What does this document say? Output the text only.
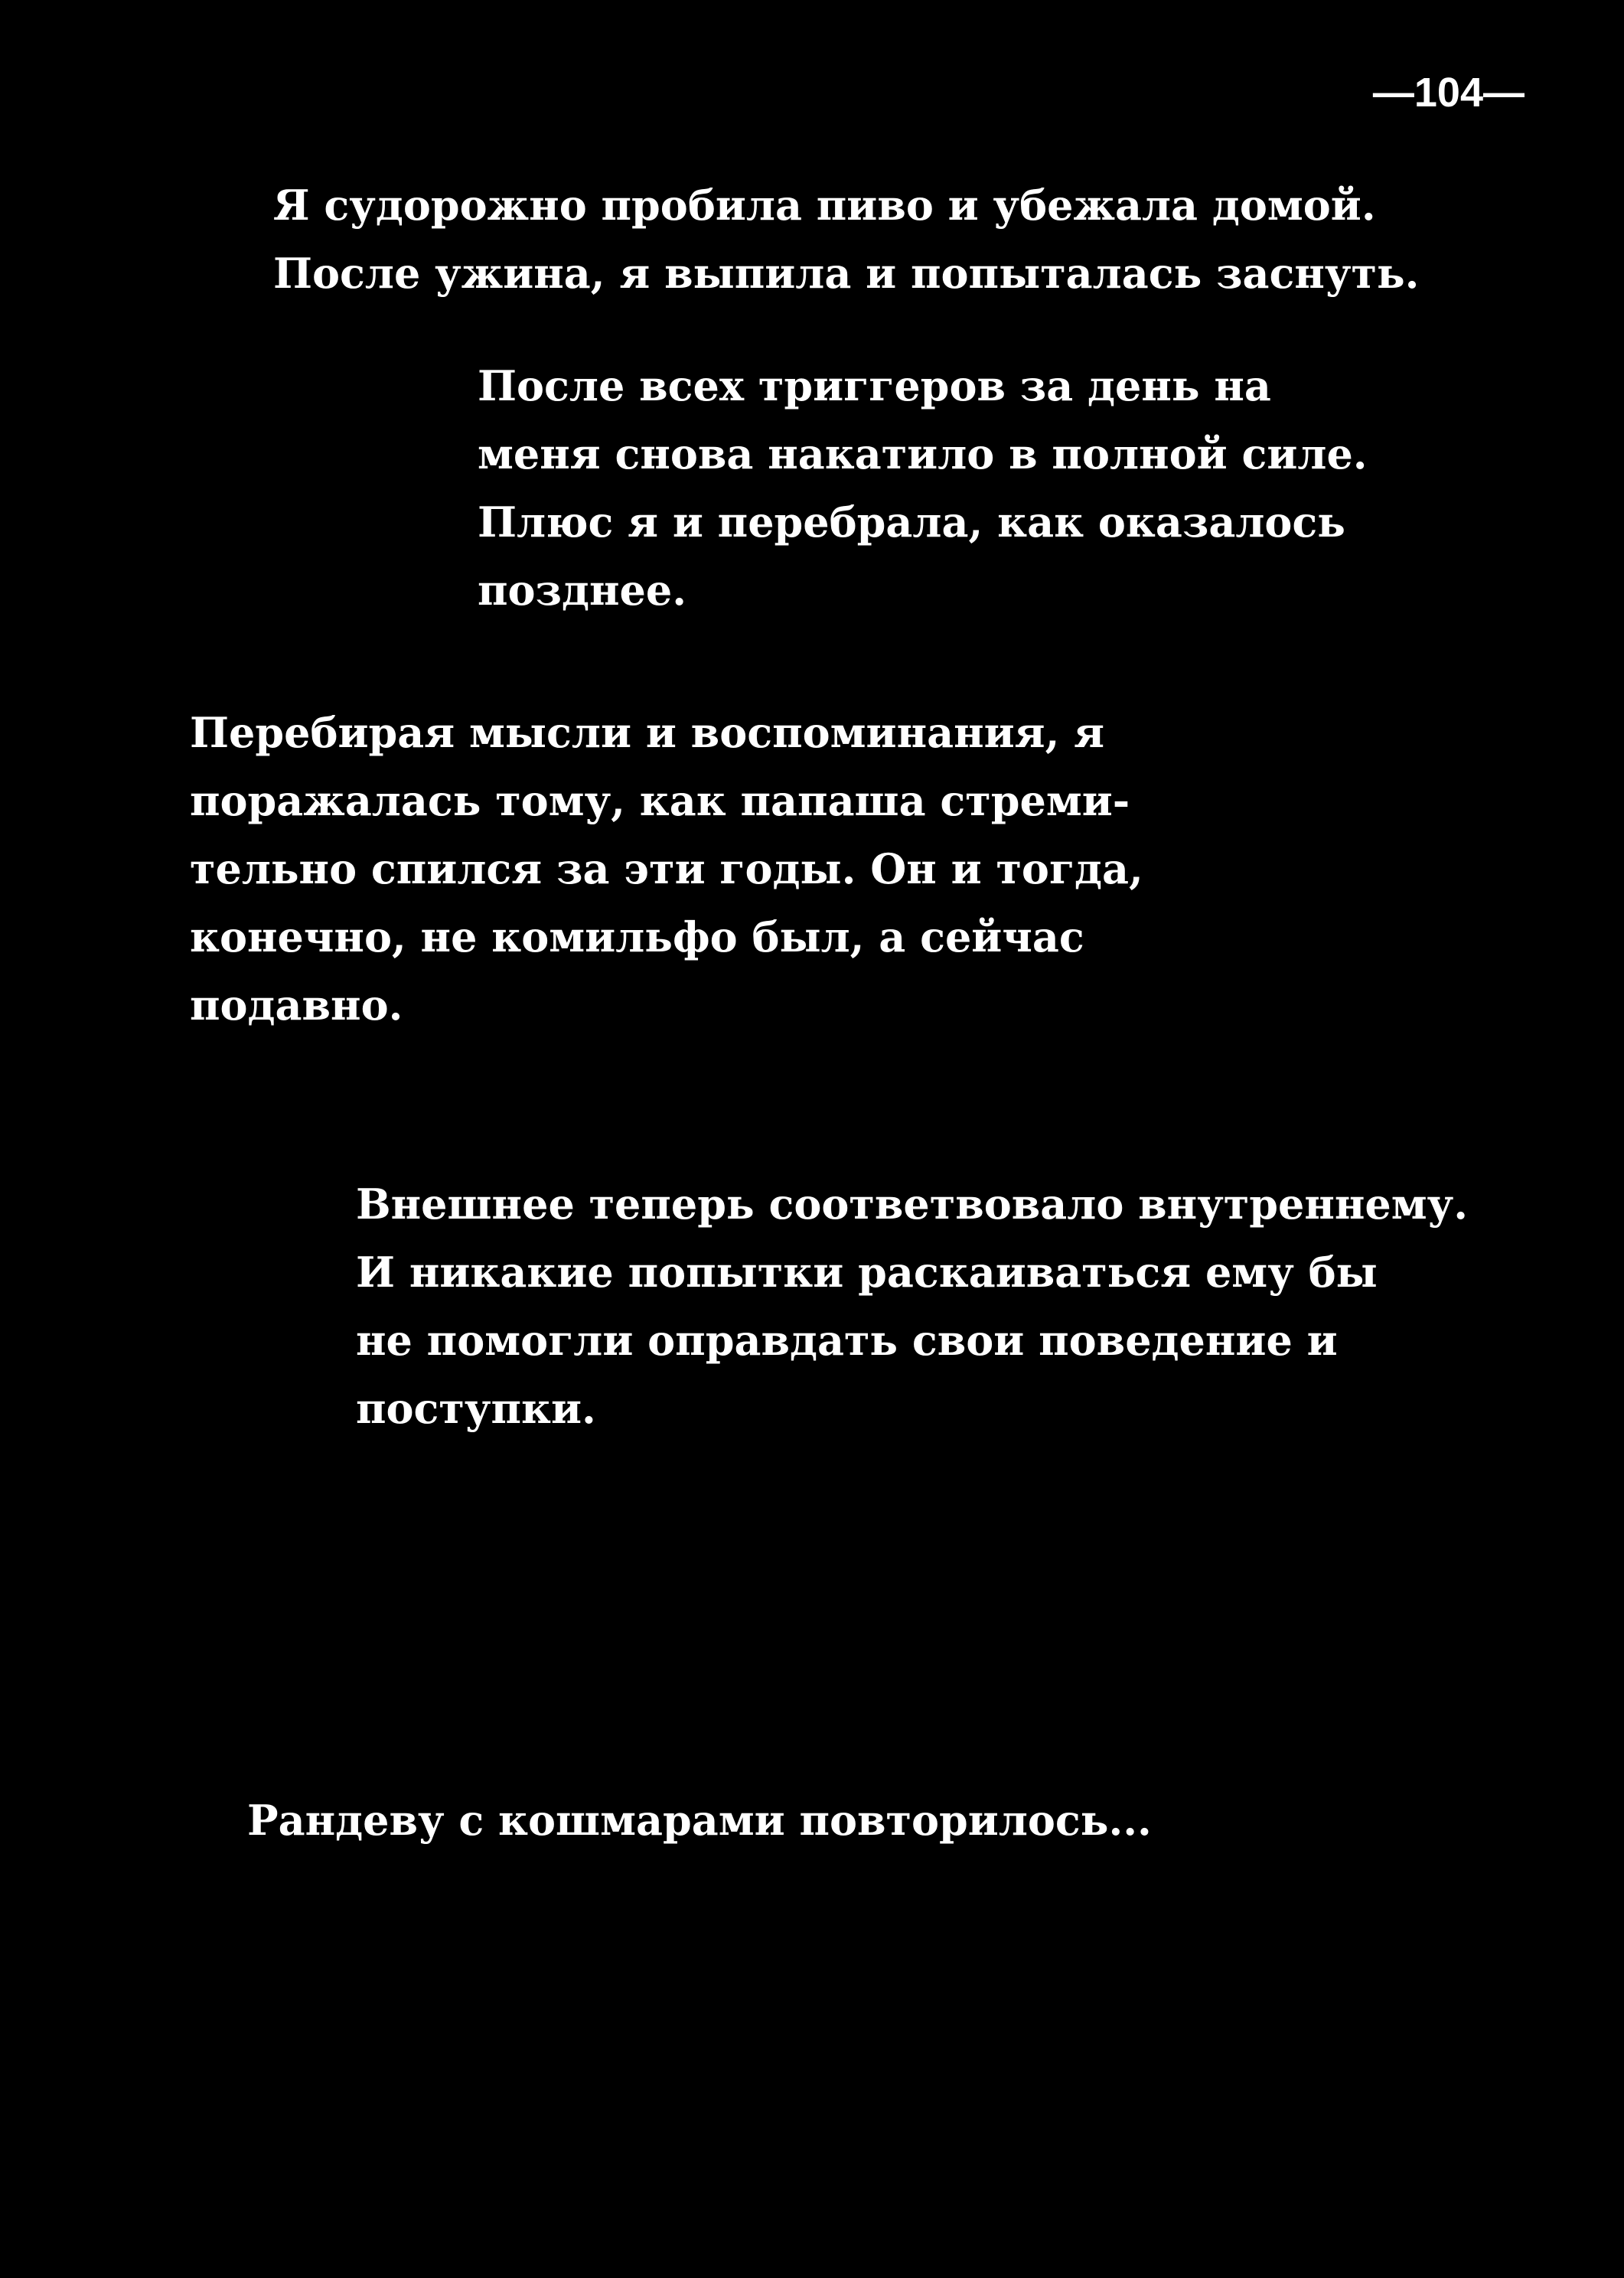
—104—
Я судорожно пробила пиво и убежала домой.
После ужина, я выпила и попыталась заснуть.
После всех триггеров за день на
меня снова накатило в полной силе.
Плюс я и перебрала, как оказалось
позднее.
Перебирая мысли и воспоминания, я
поражалась тому, как папаша стреми-
тельно спился за эти годы. Он и тогда,
конечно, не комильфо был, а сейчас
подавно.
Внешнее теперь соответвовало внутреннему.
И никакие попытки раскаиваться ему бы
не помогли оправдать свои поведение и
поступки.
Рандеву с кошмарами повторилось...
